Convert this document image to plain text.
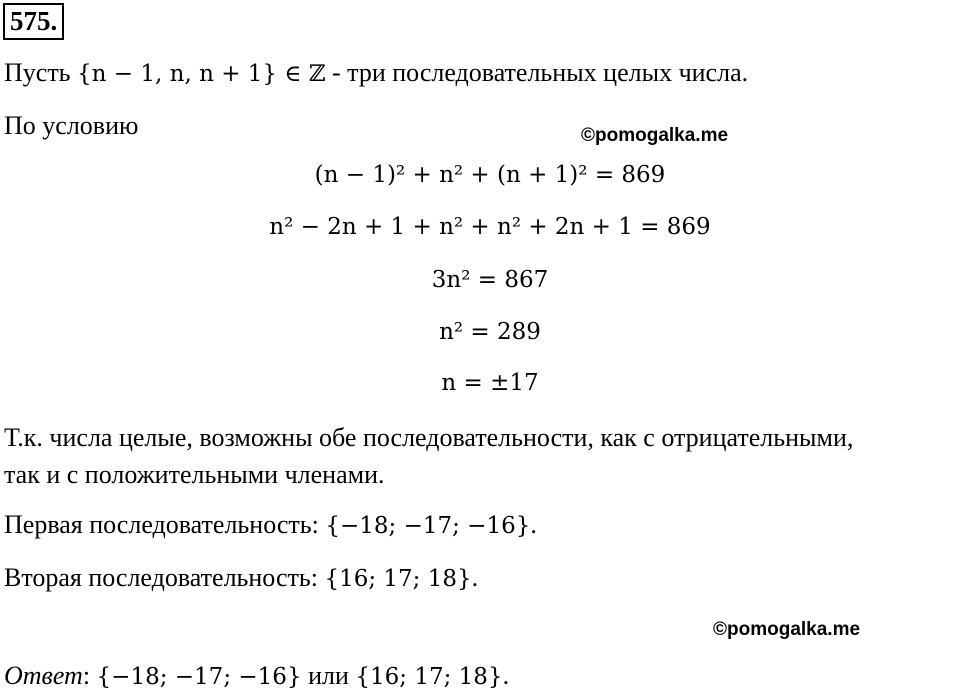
575.
Пусть {n − 1, n, n + 1} ∈ ℤ - три последовательных целых числа.
По условию	©pomogalka.me
(n − 1)² + n² + (n + 1)² = 869
n² − 2n + 1 + n² + n² + 2n + 1 = 869
3n² = 867
n² = 289
n = ±17
Т.к. числа целые, возможны обе последовательности, как с отрицательными,
так и с положительными членами.
Первая последовательность: {−18; −17; −16}.
Вторая последовательность: {16; 17; 18}.
©pomogalka.me
Ответ: {−18; −17; −16} или {16; 17; 18}.
